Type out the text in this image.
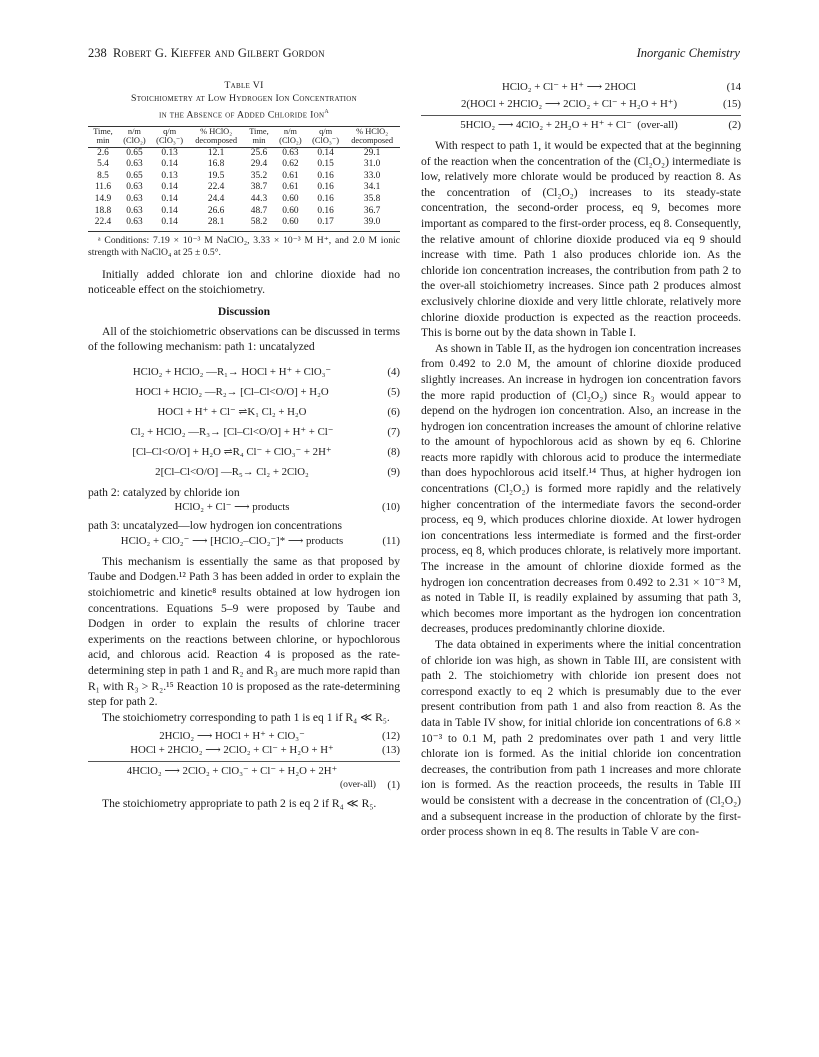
238 Robert G. Kieffer and Gilbert Gordon	Inorganic Chemistry
Table VI
Stoichiometry at Low Hydrogen Ion Concentration
in the Absence of Added Chloride Ion$^a$
Time, min	n/m (ClO₂)	q/m (ClO₃⁻)	% HClO₂ decomposed	Time, min	n/m (ClO₂)	q/m (ClO₃⁻)	% HClO₂ decomposed
2.6	0.65	0.13	12.1	25.6	0.63	0.14	29.1
5.4	0.63	0.14	16.8	29.4	0.62	0.15	31.0
8.5	0.65	0.13	19.5	35.2	0.61	0.16	33.0
11.6	0.63	0.14	22.4	38.7	0.61	0.16	34.1
14.9	0.63	0.14	24.4	44.3	0.60	0.16	35.8
18.8	0.63	0.14	26.6	48.7	0.60	0.16	36.7
22.4	0.63	0.14	28.1	58.2	0.60	0.17	39.0
ᵃ Conditions: 7.19 × 10⁻³ M NaClO₂, 3.33 × 10⁻³ M H⁺, and 2.0 M ionic strength with NaClO₄ at 25 ± 0.5°.

Initially added chlorate ion and chlorine dioxide had no noticeable effect on the stoichiometry.

Discussion

All of the stoichiometric observations can be discussed in terms of the following mechanism: path 1: uncatalyzed

HClO₂ + HClO₂ —R₁→ HOCl + H⁺ + ClO₃⁻	(4)
HOCl + HClO₂ —R₂→ [Cl–Cl<O/O] + H₂O	(5)
HOCl + H⁺ + Cl⁻ ⇌K₁ Cl₂ + H₂O	(6)
Cl₂ + HClO₂ —R₃→ [Cl–Cl<O/O] + H⁺ + Cl⁻	(7)
[Cl–Cl<O/O] + H₂O ⇌R₄ Cl⁻ + ClO₃⁻ + 2H⁺	(8)
2[Cl–Cl<O/O] —R₅→ Cl₂ + 2ClO₂	(9)

path 2: catalyzed by chloride ion

HClO₂ + Cl⁻ ⟶ products	(10)

path 3: uncatalyzed—low hydrogen ion concentrations

HClO₂ + ClO₂⁻ ⟶ [HClO₂–ClO₂⁻]* ⟶ products	(11)

This mechanism is essentially the same as that proposed by Taube and Dodgen.¹² Path 3 has been added in order to explain the stoichiometric and kinetic⁸ results obtained at low hydrogen ion concentrations. Equations 5–9 were proposed by Taube and Dodgen in order to explain the results of chlorine tracer experiments on the reactions between chlorine, or hypochlorous acid, and chlorous acid. Reaction 4 is proposed as the rate-determining step in path 1 and R₂ and R₃ are much more rapid than R₁ with R₃ > R₂.¹⁵ Reaction 10 is proposed as the rate-determining step for path 2.

The stoichiometry corresponding to path 1 is eq 1 if R₄ ≪ R₅.

2HClO₂ ⟶ HOCl + H⁺ + ClO₃⁻	(12)
HOCl + 2HClO₂ ⟶ 2ClO₂ + Cl⁻ + H₂O + H⁺	(13)
4HClO₂ ⟶ 2ClO₂ + ClO₃⁻ + Cl⁻ + H₂O + 2H⁺
(over-all)	(1)

The stoichiometry appropriate to path 2 is eq 2 if R₄ ≪ R₅.

HClO₂ + Cl⁻ + H⁺ ⟶ 2HOCl	(14
2(HOCl + 2HClO₂ ⟶ 2ClO₂ + Cl⁻ + H₂O + H⁺)	(15)
5HClO₂ ⟶ 4ClO₂ + 2H₂O + H⁺ + Cl⁻ (over-all)	(2)

With respect to path 1, it would be expected that at the beginning of the reaction when the concentration of the (Cl₂O₂) intermediate is low, relatively more chlorate would be produced by reaction 8. As the concentration of (Cl₂O₂) increases to its steady-state concentration, the second-order process, eq 9, becomes more important as compared to the first-order process, eq 8. Consequently, the relative amount of chlorine dioxide produced via eq 9 should increase with time. Path 1 also produces chloride ion. As the chloride ion concentration increases, the contribution from path 2 to the over-all stoichiometry increases. Since path 2 produces almost exclusively chlorine dioxide and very little chlorate, relatively more chlorine dioxide production is expected as the reaction proceeds. This is borne out by the data shown in Table I.

As shown in Table II, as the hydrogen ion concentration increases from 0.492 to 2.0 M, the amount of chlorine dioxide produced slightly increases. An increase in hydrogen ion concentration favors the more rapid production of (Cl₂O₂) since R₃ would appear to depend on the hydrogen ion concentration. Also, an increase in the hydrogen ion concentration increases the amount of chlorine relative to the amount of hypochlorous acid as shown by eq 6. Chlorine reacts more rapidly with chlorous acid to produce the intermediate than does hypochlorous acid itself.¹⁴ Thus, at higher hydrogen ion concentrations (Cl₂O₂) is formed more rapidly and the relatively higher concentration of the intermediate favors the second-order process, eq 9, which produces chlorine dioxide. At lower hydrogen ion concentrations less intermediate is formed and the first-order process, eq 8, which produces chlorate, is relatively more important. The increase in the amount of chlorine dioxide formed as the hydrogen ion concentration decreases from 0.492 to 2.31 × 10⁻³ M, as noted in Table II, is readily explained by assuming that path 3, which becomes more important as the hydrogen ion concentration decreases, produces predominantly chlorine dioxide.

The data obtained in experiments where the initial concentration of chloride ion was high, as shown in Table III, are consistent with path 2. The stoichiometry with chloride ion present does not correspond exactly to eq 2 which is presumably due to the ever present contribution from path 1 and also from reaction 8. As the data in Table IV show, for initial chloride ion concentrations of 6.8 × 10⁻³ to 0.1 M, path 2 predominates over path 1 and very little chlorate ion is formed. As the initial chloride ion concentration decreases, the contribution from path 1 increases and more chlorate ion is formed. As the reaction proceeds, the results in Table III would be consistent with a decrease in the concentration of (Cl₂O₂) and a subsequent increase in the production of chlorate by the first-order process shown in eq 8. The results in Table V are con-
